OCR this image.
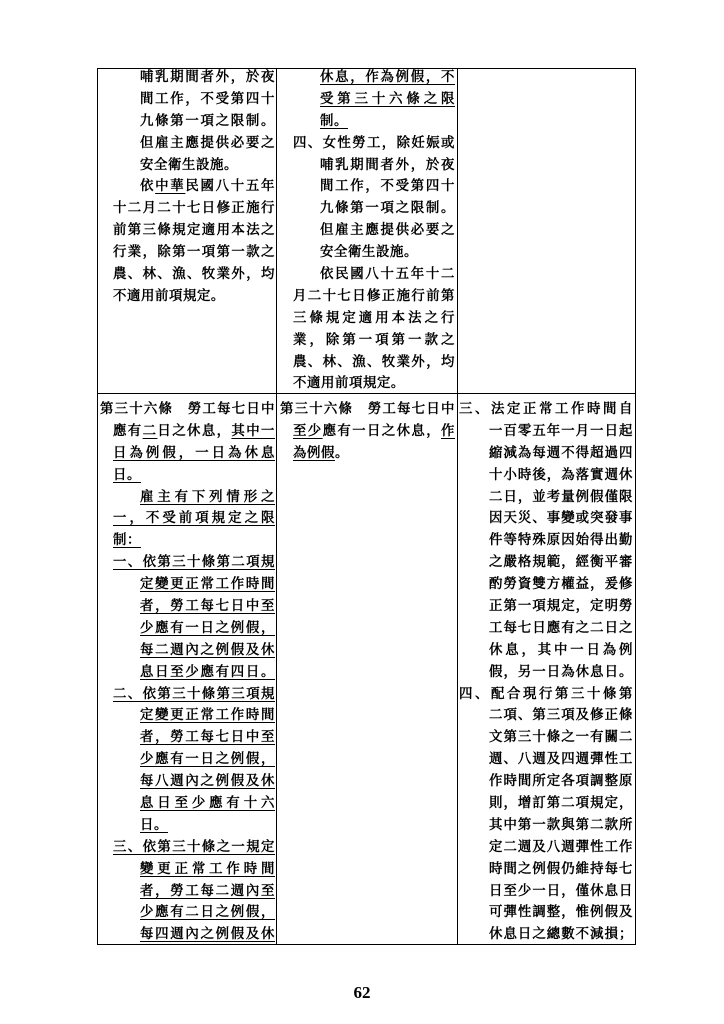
哺乳期間者外，於夜
間工作，不受第四十
九條第一項之限制。
但雇主應提供必要之
安全衛生設施。
依中華民國八十五年
十二月二十七日修正施行
前第三條規定適用本法之
行業，除第一項第一款之
農、林、漁、牧業外，均
不適用前項規定。
休息，作為例假，不
受第三十六條之限
制。
四、女性勞工，除妊娠或
哺乳期間者外，於夜
間工作，不受第四十
九條第一項之限制。
但雇主應提供必要之
安全衛生設施。
依民國八十五年十二
月二十七日修正施行前第
三條規定適用本法之行
業，除第一項第一款之
農、林、漁、牧業外，均
不適用前項規定。
第三十六條　勞工每七日中
應有二日之休息，其中一
日為例假，一日為休息
日。
雇主有下列情形之
一，不受前項規定之限
制：
一、依第三十條第二項規
定變更正常工作時間
者，勞工每七日中至
少應有一日之例假，
每二週內之例假及休
息日至少應有四日。
二、依第三十條第三項規
定變更正常工作時間
者，勞工每七日中至
少應有一日之例假，
每八週內之例假及休
息日至少應有十六
日。
三、依第三十條之一規定
變更正常工作時間
者，勞工每二週內至
少應有二日之例假，
每四週內之例假及休
第三十六條　勞工每七日中
至少應有一日之休息，作
為例假。
三、法定正常工作時間自
一百零五年一月一日起
縮減為每週不得超過四
十小時後，為落實週休
二日，並考量例假僅限
因天災、事變或突發事
件等特殊原因始得出勤
之嚴格規範，經衡平審
酌勞資雙方權益，爰修
正第一項規定，定明勞
工每七日應有之二日之
休息，其中一日為例
假，另一日為休息日。
四、配合現行第三十條第
二項、第三項及修正條
文第三十條之一有關二
週、八週及四週彈性工
作時間所定各項調整原
則，增訂第二項規定，
其中第一款與第二款所
定二週及八週彈性工作
時間之例假仍維持每七
日至少一日，僅休息日
可彈性調整，惟例假及
休息日之總數不減損；
62
